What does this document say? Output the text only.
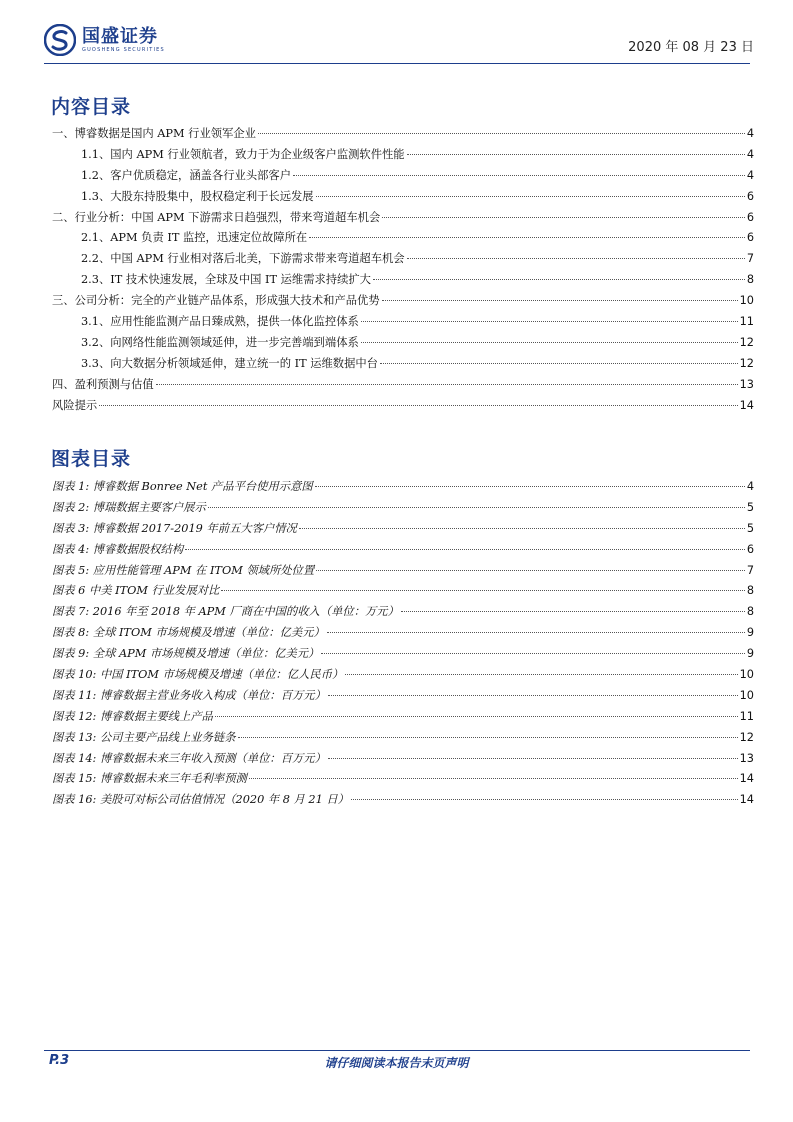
国盛证券
GUOSHENG SECURITIES	2020 年 08 月 23 日
内容目录
一、博睿数据是国内 APM 行业领军企业	4
1.1、国内 APM 行业领航者，致力于为企业级客户监测软件性能	4
1.2、客户优质稳定，涵盖各行业头部客户	4
1.3、大股东持股集中，股权稳定利于长远发展	6
二、行业分析：中国 APM 下游需求日趋强烈，带来弯道超车机会	6
2.1、APM 负责 IT 监控，迅速定位故障所在	6
2.2、中国 APM 行业相对落后北美，下游需求带来弯道超车机会	7
2.3、IT 技术快速发展，全球及中国 IT 运维需求持续扩大	8
三、公司分析：完全的产业链产品体系，形成强大技术和产品优势	10
3.1、应用性能监测产品日臻成熟，提供一体化监控体系	11
3.2、向网络性能监测领域延伸，进一步完善端到端体系	12
3.3、向大数据分析领域延伸，建立统一的 IT 运维数据中台	12
四、盈利预测与估值	13
风险提示	14
图表目录
图表 1: 博睿数据 Bonree Net 产品平台使用示意图	4
图表 2: 博瑞数据主要客户展示	5
图表 3: 博睿数据 2017-2019 年前五大客户情况	5
图表 4: 博睿数据股权结构	6
图表 5: 应用性能管理 APM 在 ITOM 领域所处位置	7
图表 6 中美 ITOM 行业发展对比	8
图表 7: 2016 年至 2018 年 APM 厂商在中国的收入（单位：万元）	8
图表 8: 全球 ITOM 市场规模及增速（单位：亿美元）	9
图表 9: 全球 APM 市场规模及增速（单位：亿美元）	9
图表 10: 中国 ITOM 市场规模及增速（单位：亿人民币）	10
图表 11: 博睿数据主营业务收入构成（单位：百万元）	10
图表 12: 博睿数据主要线上产品	11
图表 13: 公司主要产品线上业务链条	12
图表 14: 博睿数据未来三年收入预测（单位：百万元）	13
图表 15: 博睿数据未来三年毛利率预测	14
图表 16: 美股可对标公司估值情况（2020 年 8 月 21 日）	14
P.3	请仔细阅读本报告末页声明
